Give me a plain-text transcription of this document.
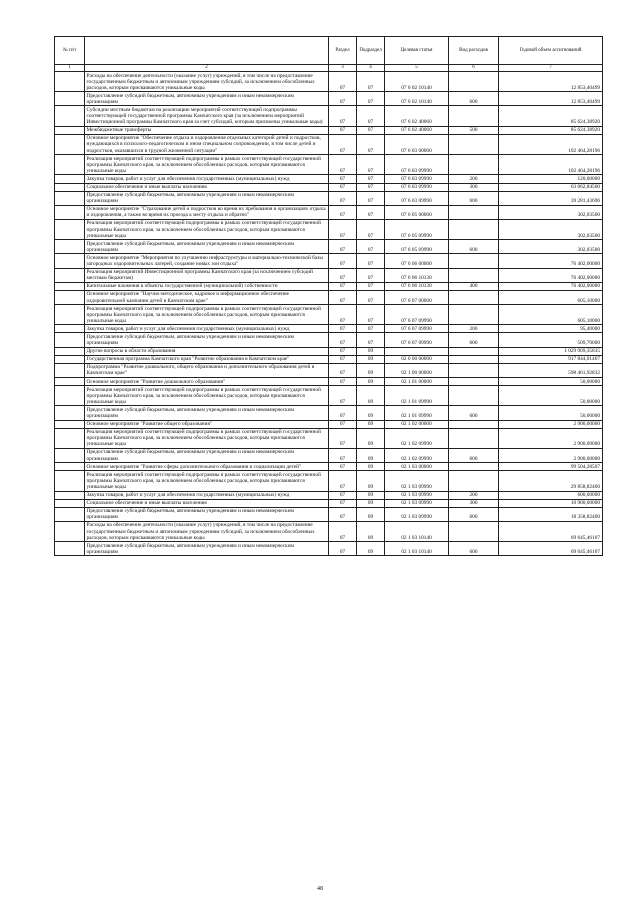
№ п/п		Раздел	Подраздел	Целевая статья	Вид расходов	Годовой объем ассигнований
1	2	3	4	5	6	7
	Расходы на обеспечение деятельности (оказание услуг) учреждений, в том числе на предоставление государственным бюджетным и автономным учреждениям субсидий, за исключением обособленных расходов, которым присваиваются уникальные коды	07	07	07 6 02 10140		12 853,40499
	Предоставление субсидий бюджетным, автономным учреждениям и иным некоммерческим организациям	07	07	07 6 02 10140	600	12 853,40499
	Субсидии местным бюджетам на реализацию мероприятий соответствующей подпрограммы соответствующей государственной программы Камчатского края (за исключением мероприятий Инвестиционной программы Камчатского края за счет субсидий, которым присвоены уникальные коды)	07	07	07 6 02 40060		85 624,38920
	Межбюджетные трансферты	07	07	07 6 02 40060	500	85 624,38920
	Основное мероприятие "Обеспечение отдыха и оздоровления отдельных категорий детей и подростков, нуждающихся в психолого-педагогическом и ином специальном сопровождении, в том числе детей и подростков, оказавшихся в трудной жизненной ситуации"	07	07	07 6 03 00000		102 464,28196
	Реализация мероприятий соответствующей подпрограммы в рамках соответствующей государственной программы Камчатского края, за исключением обособленных расходов, которым присваиваются уникальные коды	07	07	07 6 03 09990		102 464,28196
	Закупка товаров, работ и услуг для обеспечения государственных (муниципальных) нужд	07	07	07 6 03 09990	200	120,00000
	Социальное обеспечение и иные выплаты населению	07	07	07 6 03 09990	300	63 062,84500
	Предоставление субсидий бюджетным, автономным учреждениям и иным некоммерческим организациям	07	07	07 6 03 09990	600	39 281,43696
	Основное мероприятие "Страхование детей и подростков во время их пребывания в организациях отдыха и оздоровления, а также во время их проезда к месту отдыха и обратно"	07	07	07 6 05 00000		302,03500
	Реализация мероприятий соответствующей подпрограммы в рамках соответствующей государственной программы Камчатского края, за исключением обособленных расходов, которым присваиваются уникальные коды	07	07	07 6 05 09990		302,03500
	Предоставление субсидий бюджетным, автономным учреждениям и иным некоммерческим организациям	07	07	07 6 05 09990	600	302,03500
	Основное мероприятие "Мероприятия по улучшению инфраструктуры и материально-технической базы загородных оздоровительных лагерей, создание новых зон отдыха"	07	07	07 6 06 00000		76 402,00000
	Реализация мероприятий Инвестиционной программы Камчатского края (за исключением субсидий местным бюджетам)	07	07	07 6 06 10130		76 402,00000
	Капитальные вложения в объекты государственной (муниципальной) собственности	07	07	07 6 06 10130	400	76 402,00000
	Основное мероприятие "Научно-методическое, кадровое и информационное обеспечение оздоровительной кампании детей в Камчатском крае"	07	07	07 6 07 00000		605,10000
	Реализация мероприятий соответствующей подпрограммы в рамках соответствующей государственной программы Камчатского края, за исключением обособленных расходов, которым присваиваются уникальные коды	07	07	07 6 07 09990		605,10000
	Закупка товаров, работ и услуг для обеспечения государственных (муниципальных) нужд	07	07	07 6 07 09990	200	95,40000
	Предоставление субсидий бюджетным, автономным учреждениям и иным некоммерческим организациям	07	07	07 6 07 09990	600	509,70000
	Другие вопросы в области образования	07	09			1 029 909,35835
	Государственная программа Камчатского края "Развитие образования в Камчатском крае"	07	09	02 0 00 00000		917 844,01467
	Подпрограмма "Развитие дошкольного, общего образования и дополнительного образования детей в Камчатском крае"	07	09	02 1 00 00000		598 461,92832
	Основное мероприятие "Развитие дошкольного образования"	07	09	02 1 01 00000		50,00000
	Реализация мероприятий соответствующей подпрограммы в рамках соответствующей государственной программы Камчатского края, за исключением обособленных расходов, которым присваиваются уникальные коды	07	09	02 1 01 09990		50,00000
	Предоставление субсидий бюджетным, автономным учреждениям и иным некоммерческим организациям	07	09	02 1 01 09990	600	50,00000
	Основное мероприятие "Развитие общего образования"	07	09	02 1 02 00000		2 900,00000
	Реализация мероприятий соответствующей подпрограммы в рамках соответствующей государственной программы Камчатского края, за исключением обособленных расходов, которым присваиваются уникальные коды	07	09	02 1 02 09990		2 900,00000
	Предоставление субсидий бюджетным, автономным учреждениям и иным некоммерческим организациям	07	09	02 1 02 09990	600	2 900,00000
	Основное мероприятие "Развитие сферы дополнительного образования и социализации детей"	07	09	02 1 03 00000		99 504,28507
	Реализация мероприятий соответствующей подпрограммы в рамках соответствующей государственной программы Камчатского края, за исключением обособленных расходов, которым присваиваются уникальные коды	07	09	02 1 03 09990		29 858,82400
	Закупка товаров, работ и услуг для обеспечения государственных (муниципальных) нужд	07	09	02 1 03 09990	200	600,00000
	Социальное обеспечение и иные выплаты населению	07	09	02 1 03 09990	300	10 900,00000
	Предоставление субсидий бюджетным, автономным учреждениям и иным некоммерческим организациям	07	09	02 1 03 09990	600	18 358,82400
	Расходы на обеспечение деятельности (оказание услуг) учреждений, в том числе на предоставление государственным бюджетным и автономным учреждениям субсидий, за исключением обособленных расходов, которым присваиваются уникальные коды	07	09	02 1 03 10140		69 645,46107
	Предоставление субсидий бюджетным, автономным учреждениям и иным некоммерческим организациям	07	09	02 1 03 10140	600	69 645,46107
48
